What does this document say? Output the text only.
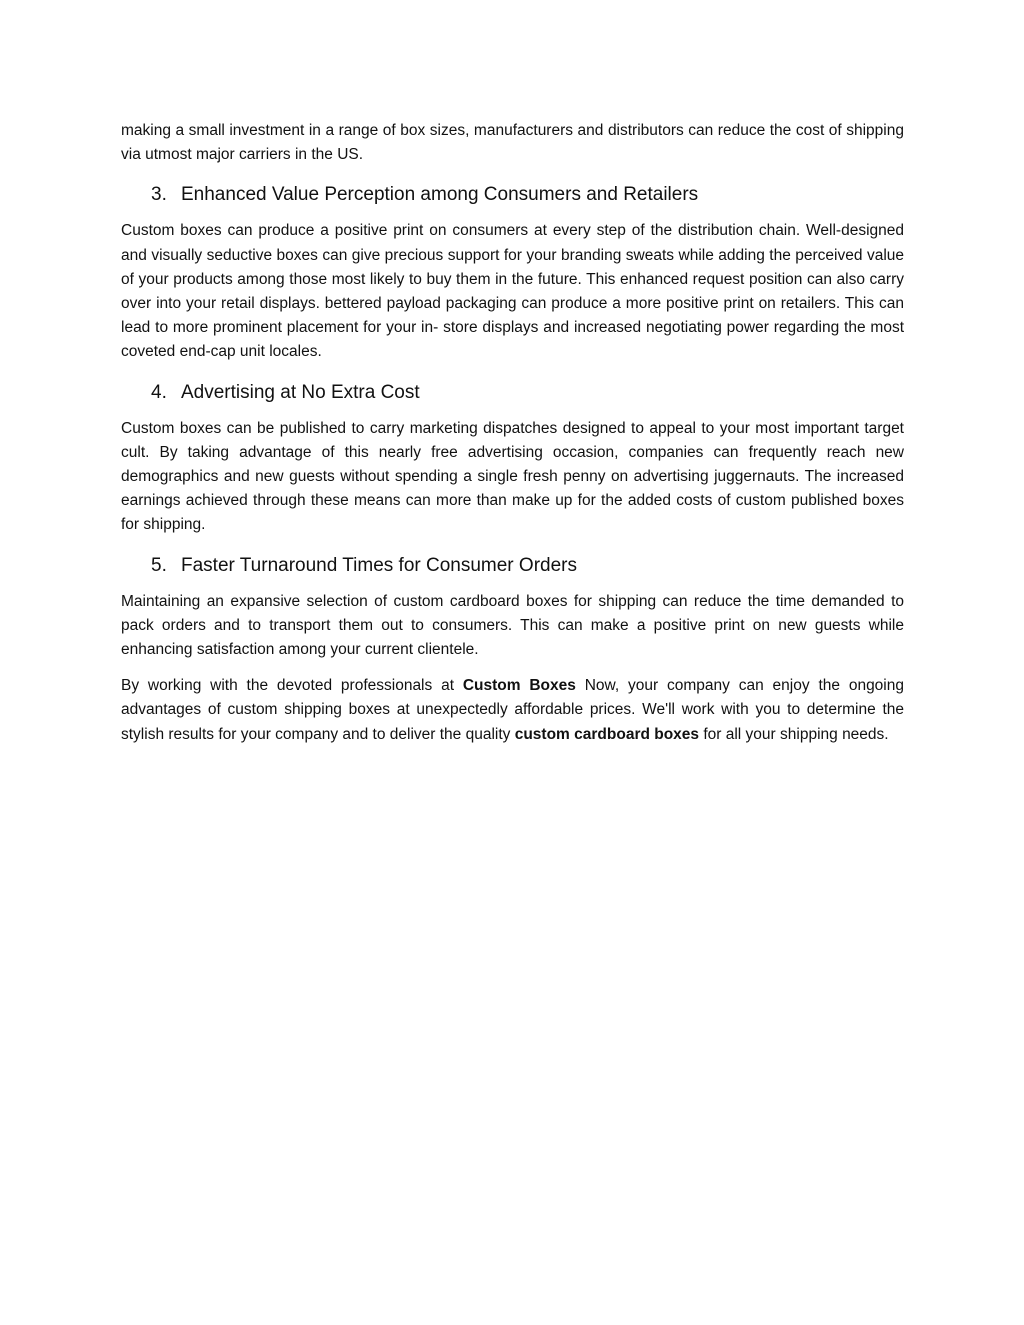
making a small investment in a range of box sizes, manufacturers and distributors can reduce the cost of shipping via utmost major carriers in the US.

3. Enhanced Value Perception among Consumers and Retailers

Custom boxes can produce a positive print on consumers at every step of the distribution chain. Well-designed and visually seductive boxes can give precious support for your branding sweats while adding the perceived value of your products among those most likely to buy them in the future. This enhanced request position can also carry over into your retail displays. bettered payload packaging can produce a more positive print on retailers. This can lead to more prominent placement for your in- store displays and increased negotiating power regarding the most coveted end-cap unit locales.

4. Advertising at No Extra Cost

Custom boxes can be published to carry marketing dispatches designed to appeal to your most important target cult. By taking advantage of this nearly free advertising occasion, companies can frequently reach new demographics and new guests without spending a single fresh penny on advertising juggernauts. The increased earnings achieved through these means can more than make up for the added costs of custom published boxes for shipping.

5. Faster Turnaround Times for Consumer Orders

Maintaining an expansive selection of custom cardboard boxes for shipping can reduce the time demanded to pack orders and to transport them out to consumers. This can make a positive print on new guests while enhancing satisfaction among your current clientele.

By working with the devoted professionals at Custom Boxes Now, your company can enjoy the ongoing advantages of custom shipping boxes at unexpectedly affordable prices. We'll work with you to determine the stylish results for your company and to deliver the quality custom cardboard boxes for all your shipping needs.
